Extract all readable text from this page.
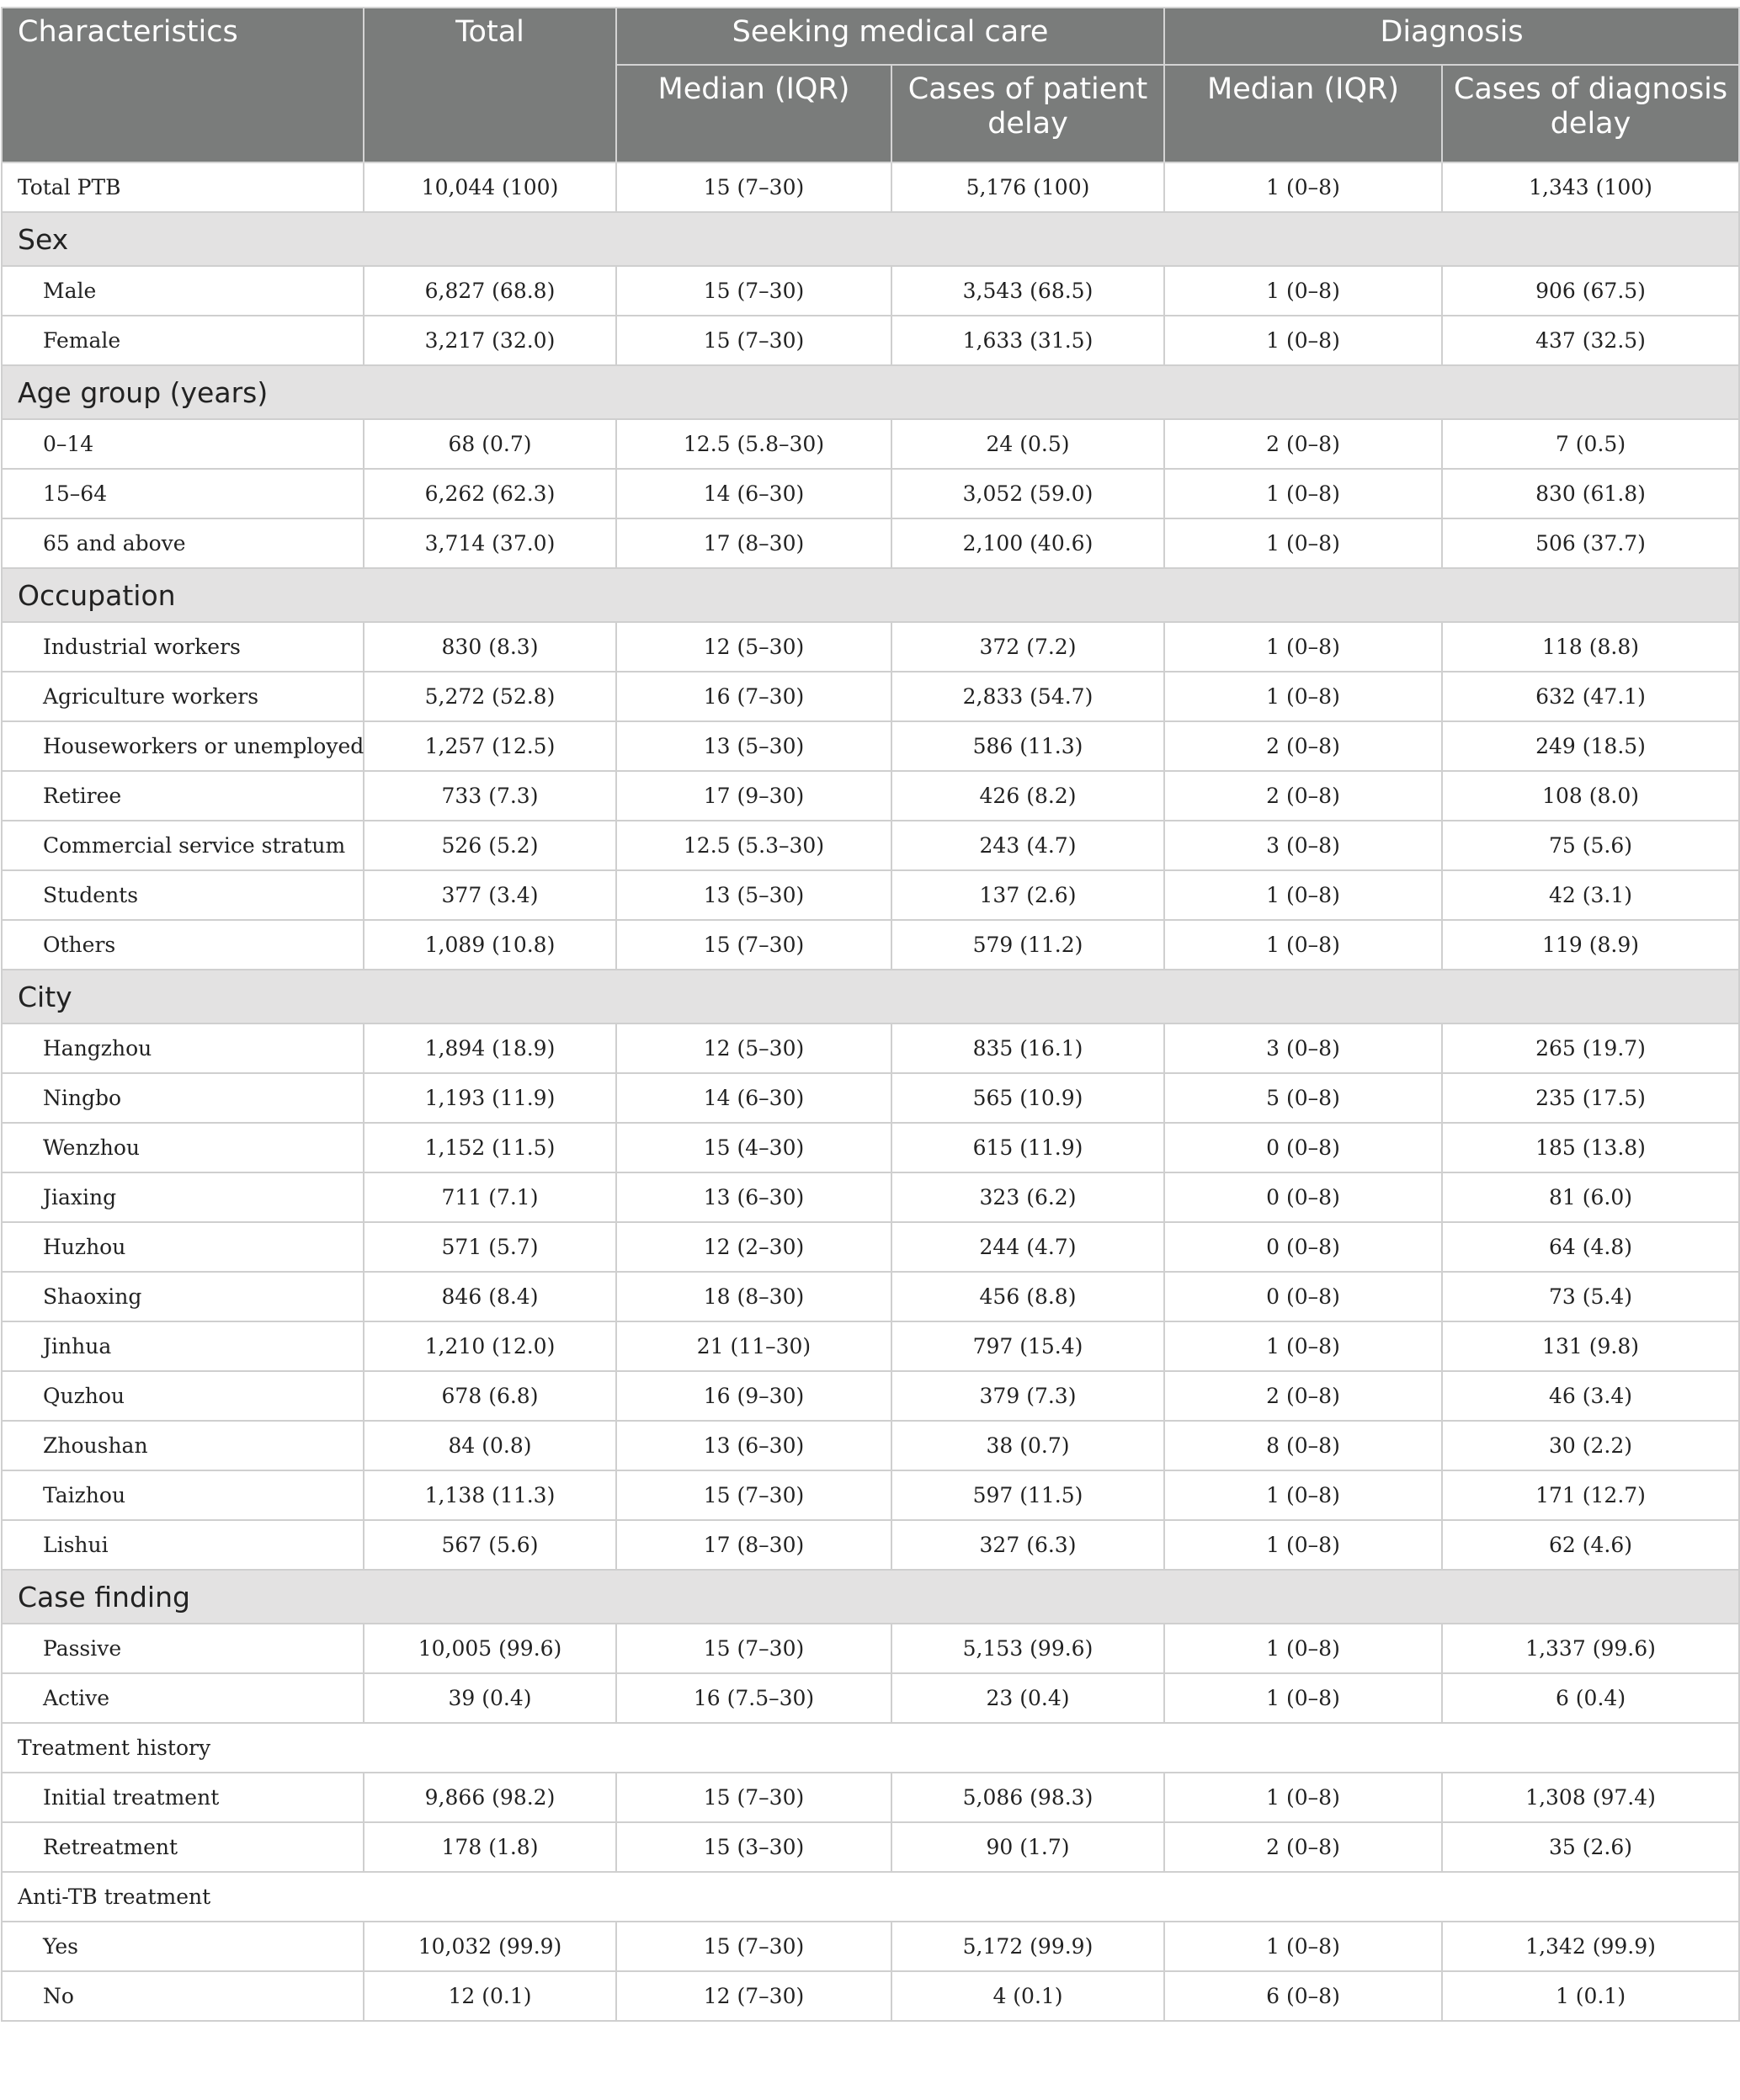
Characteristics	Total	Seeking medical care		Diagnosis	
		Median (IQR)	Cases of patient delay	Median (IQR)	Cases of diagnosis delay
Total PTB	10,044 (100)	15 (7–30)	5,176 (100)	1 (0–8)	1,343 (100)
Sex					
Male	6,827 (68.8)	15 (7–30)	3,543 (68.5)	1 (0–8)	906 (67.5)
Female	3,217 (32.0)	15 (7–30)	1,633 (31.5)	1 (0–8)	437 (32.5)
Age group (years)					
0–14	68 (0.7)	12.5 (5.8–30)	24 (0.5)	2 (0–8)	7 (0.5)
15–64	6,262 (62.3)	14 (6–30)	3,052 (59.0)	1 (0–8)	830 (61.8)
65 and above	3,714 (37.0)	17 (8–30)	2,100 (40.6)	1 (0–8)	506 (37.7)
Occupation					
Industrial workers	830 (8.3)	12 (5–30)	372 (7.2)	1 (0–8)	118 (8.8)
Agriculture workers	5,272 (52.8)	16 (7–30)	2,833 (54.7)	1 (0–8)	632 (47.1)
Houseworkers or unemployed	1,257 (12.5)	13 (5–30)	586 (11.3)	2 (0–8)	249 (18.5)
Retiree	733 (7.3)	17 (9–30)	426 (8.2)	2 (0–8)	108 (8.0)
Commercial service stratum	526 (5.2)	12.5 (5.3–30)	243 (4.7)	3 (0–8)	75 (5.6)
Students	377 (3.4)	13 (5–30)	137 (2.6)	1 (0–8)	42 (3.1)
Others	1,089 (10.8)	15 (7–30)	579 (11.2)	1 (0–8)	119 (8.9)
City					
Hangzhou	1,894 (18.9)	12 (5–30)	835 (16.1)	3 (0–8)	265 (19.7)
Ningbo	1,193 (11.9)	14 (6–30)	565 (10.9)	5 (0–8)	235 (17.5)
Wenzhou	1,152 (11.5)	15 (4–30)	615 (11.9)	0 (0–8)	185 (13.8)
Jiaxing	711 (7.1)	13 (6–30)	323 (6.2)	0 (0–8)	81 (6.0)
Huzhou	571 (5.7)	12 (2–30)	244 (4.7)	0 (0–8)	64 (4.8)
Shaoxing	846 (8.4)	18 (8–30)	456 (8.8)	0 (0–8)	73 (5.4)
Jinhua	1,210 (12.0)	21 (11–30)	797 (15.4)	1 (0–8)	131 (9.8)
Quzhou	678 (6.8)	16 (9–30)	379 (7.3)	2 (0–8)	46 (3.4)
Zhoushan	84 (0.8)	13 (6–30)	38 (0.7)	8 (0–8)	30 (2.2)
Taizhou	1,138 (11.3)	15 (7–30)	597 (11.5)	1 (0–8)	171 (12.7)
Lishui	567 (5.6)	17 (8–30)	327 (6.3)	1 (0–8)	62 (4.6)
Case finding					
Passive	10,005 (99.6)	15 (7–30)	5,153 (99.6)	1 (0–8)	1,337 (99.6)
Active	39 (0.4)	16 (7.5–30)	23 (0.4)	1 (0–8)	6 (0.4)
Treatment history					
Initial treatment	9,866 (98.2)	15 (7–30)	5,086 (98.3)	1 (0–8)	1,308 (97.4)
Retreatment	178 (1.8)	15 (3–30)	90 (1.7)	2 (0–8)	35 (2.6)
Anti-TB treatment					
Yes	10,032 (99.9)	15 (7–30)	5,172 (99.9)	1 (0–8)	1,342 (99.9)
No	12 (0.1)	12 (7–30)	4 (0.1)	6 (0–8)	1 (0.1)
